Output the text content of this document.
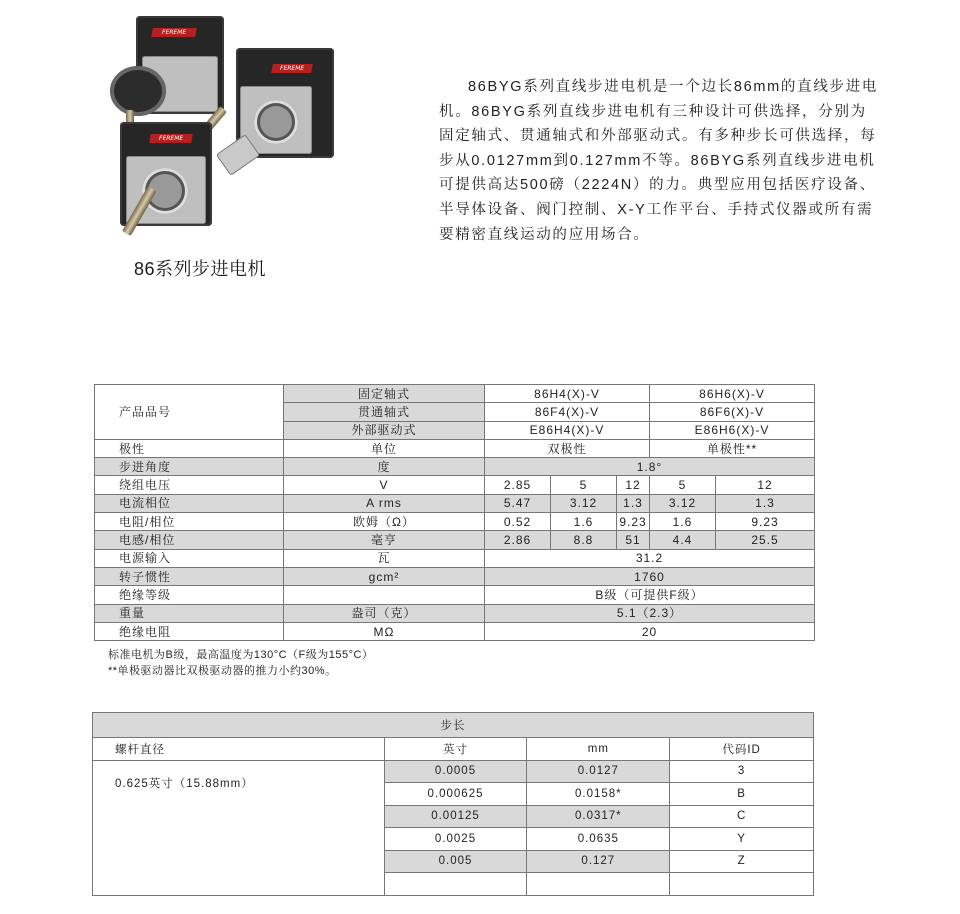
FEREME
FEREME
FEREME
86系列步进电机
86BYG系列直线步进电机是一个边长86mm的直线步进电机。86BYG系列直线步进电机有三种设计可供选择，分别为固定轴式、贯通轴式和外部驱动式。有多种步长可供选择，每步从0.0127mm到0.127mm不等。86BYG系列直线步进电机可提供高达500磅（2224N）的力。典型应用包括医疗设备、半导体设备、阀门控制、X-Y工作平台、手持式仪器或所有需要精密直线运动的应用场合。
产品品号	固定轴式	86H4(X)-V			86H6(X)-V	
	贯通轴式	86F4(X)-V			86F6(X)-V	
	外部驱动式	E86H4(X)-V			E86H6(X)-V	
极性	单位	双极性			单极性**	
步进角度	度	1.8°				
绕组电压	V	2.85	5	12	5	12
电流相位	A rms	5.47	3.12	1.3	3.12	1.3
电阻/相位	欧姆（Ω）	0.52	1.6	9.23	1.6	9.23
电感/相位	毫亨	2.86	8.8	51	4.4	25.5
电源输入	瓦	31.2				
转子惯性	gcm²	1760				
绝缘等级		B级（可提供F级）				
重量	盎司（克）	5.1（2.3）				
绝缘电阻	MΩ	20				
标准电机为B级，最高温度为130°C（F级为155°C）
**单极驱动器比双极驱动器的推力小约30%。
步长			
螺杆直径	英寸	mm	代码ID
0.625英寸（15.88mm）	0.0005	0.0127	3
	0.000625	0.0158*	B
	0.00125	0.0317*	C
	0.0025	0.0635	Y
	0.005	0.127	Z
